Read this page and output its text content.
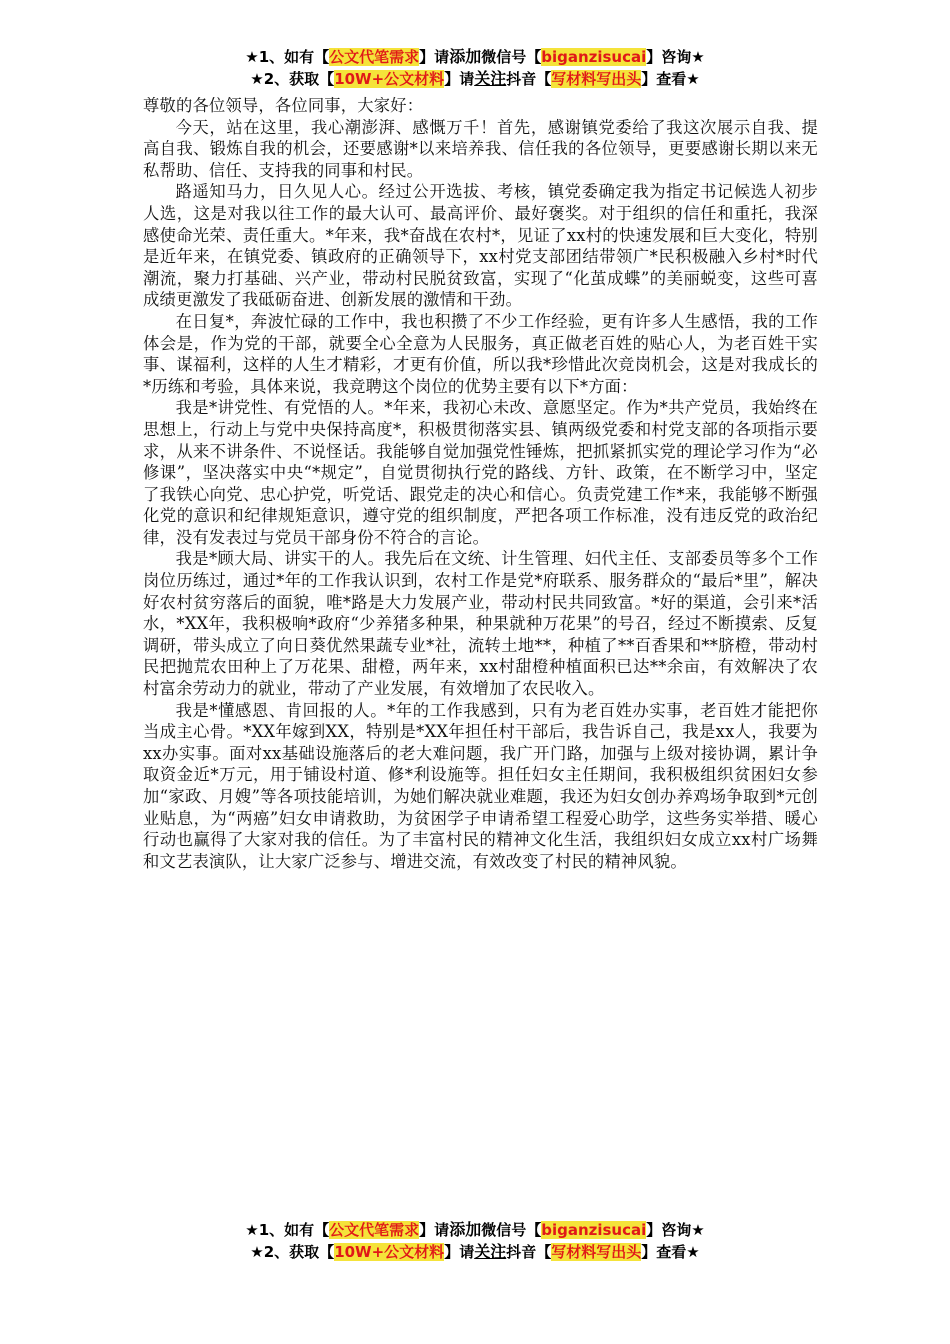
★1、如有【公文代笔需求】请添加微信号【biganzisucai】咨询★
★2、获取【10W+公文材料】请关注抖音【写材料写出头】查看★

尊敬的各位领导，各位同事，大家好：

今天，站在这里，我心潮澎湃、感慨万千！首先，感谢镇党委给了我这次展示自我、提高自我、锻炼自我的机会，还要感谢*以来培养我、信任我的各位领导，更要感谢长期以来无私帮助、信任、支持我的同事和村民。

路遥知马力，日久见人心。经过公开选拔、考核，镇党委确定我为指定书记候选人初步人选，这是对我以往工作的最大认可、最高评价、最好褒奖。对于组织的信任和重托，我深感使命光荣、责任重大。*年来，我*奋战在农村*，见证了xx村的快速发展和巨大变化，特别是近年来，在镇党委、镇政府的正确领导下，xx村党支部团结带领广*民积极融入乡村*时代潮流，聚力打基础、兴产业，带动村民脱贫致富，实现了“化茧成蝶”的美丽蜕变，这些可喜成绩更激发了我砥砺奋进、创新发展的激情和干劲。

在日复*，奔波忙碌的工作中，我也积攒了不少工作经验，更有许多人生感悟，我的工作体会是，作为党的干部，就要全心全意为人民服务，真正做老百姓的贴心人，为老百姓干实事、谋福利，这样的人生才精彩，才更有价值，所以我*珍惜此次竞岗机会，这是对我成长的*历练和考验，具体来说，我竞聘这个岗位的优势主要有以下*方面：

我是*讲党性、有党悟的人。*年来，我初心未改、意愿坚定。作为*共产党员，我始终在思想上，行动上与党中央保持高度*，积极贯彻落实县、镇两级党委和村党支部的各项指示要求，从来不讲条件、不说怪话。我能够自觉加强党性锤炼，把抓紧抓实党的理论学习作为“必修课”，坚决落实中央“*规定”，自觉贯彻执行党的路线、方针、政策，在不断学习中，坚定了我铁心向党、忠心护党，听党话、跟党走的决心和信心。负责党建工作*来，我能够不断强化党的意识和纪律规矩意识，遵守党的组织制度，严把各项工作标准，没有违反党的政治纪律，没有发表过与党员干部身份不符合的言论。

我是*顾大局、讲实干的人。我先后在文统、计生管理、妇代主任、支部委员等多个工作岗位历练过，通过*年的工作我认识到，农村工作是党*府联系、服务群众的“最后*里”，解决好农村贫穷落后的面貌，唯*路是大力发展产业，带动村民共同致富。*好的渠道，会引来*活水，*XX年，我积极响*政府“少养猪多种果，种果就种万花果”的号召，经过不断摸索、反复调研，带头成立了向日葵优然果蔬专业*社，流转土地**，种植了**百香果和**脐橙，带动村民把抛荒农田种上了万花果、甜橙，两年来，xx村甜橙种植面积已达**余亩，有效解决了农村富余劳动力的就业，带动了产业发展，有效增加了农民收入。

我是*懂感恩、肯回报的人。*年的工作我感到，只有为老百姓办实事，老百姓才能把你当成主心骨。*XX年嫁到XX，特别是*XX年担任村干部后，我告诉自己，我是xx人，我要为xx办实事。面对xx基础设施落后的老大难问题，我广开门路，加强与上级对接协调，累计争取资金近*万元，用于铺设村道、修*利设施等。担任妇女主任期间，我积极组织贫困妇女参加“家政、月嫂”等各项技能培训，为她们解决就业难题，我还为妇女创办养鸡场争取到*元创业贴息，为“两癌”妇女申请救助，为贫困学子申请希望工程爱心助学，这些务实举措、暖心行动也赢得了大家对我的信任。为了丰富村民的精神文化生活，我组织妇女成立xx村广场舞和文艺表演队，让大家广泛参与、增进交流，有效改变了村民的精神风貌。

★1、如有【公文代笔需求】请添加微信号【biganzisucai】咨询★
★2、获取【10W+公文材料】请关注抖音【写材料写出头】查看★
